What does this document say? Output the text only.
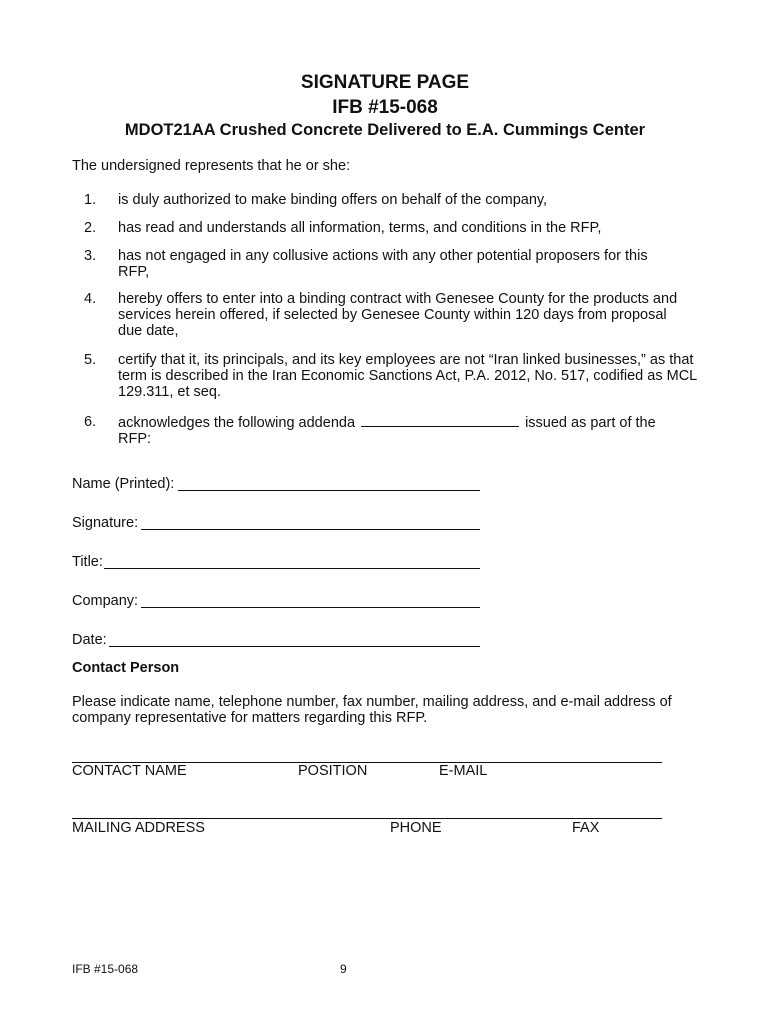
SIGNATURE PAGE
IFB #15-068
MDOT21AA Crushed Concrete Delivered to E.A. Cummings Center
The undersigned represents that he or she:
1. is duly authorized to make binding offers on behalf of the company,
2. has read and understands all information, terms, and conditions in the RFP,
3. has not engaged in any collusive actions with any other potential proposers for this RFP,
4. hereby offers to enter into a binding contract with Genesee County for the products and services herein offered, if selected by Genesee County within 120 days from proposal due date,
5. certify that it, its principals, and its key employees are not “Iran linked businesses,” as that term is described in the Iran Economic Sanctions Act, P.A. 2012, No. 517, codified as MCL 129.311, et seq.
6. acknowledges the following addenda	issued as part of the RFP:
Name (Printed):
Signature:
Title:
Company:
Date:
Contact Person
Please indicate name, telephone number, fax number, mailing address, and e-mail address of company representative for matters regarding this RFP.
CONTACT NAME	POSITION	E-MAIL
MAILING ADDRESS	PHONE	FAX
IFB #15-068	9
